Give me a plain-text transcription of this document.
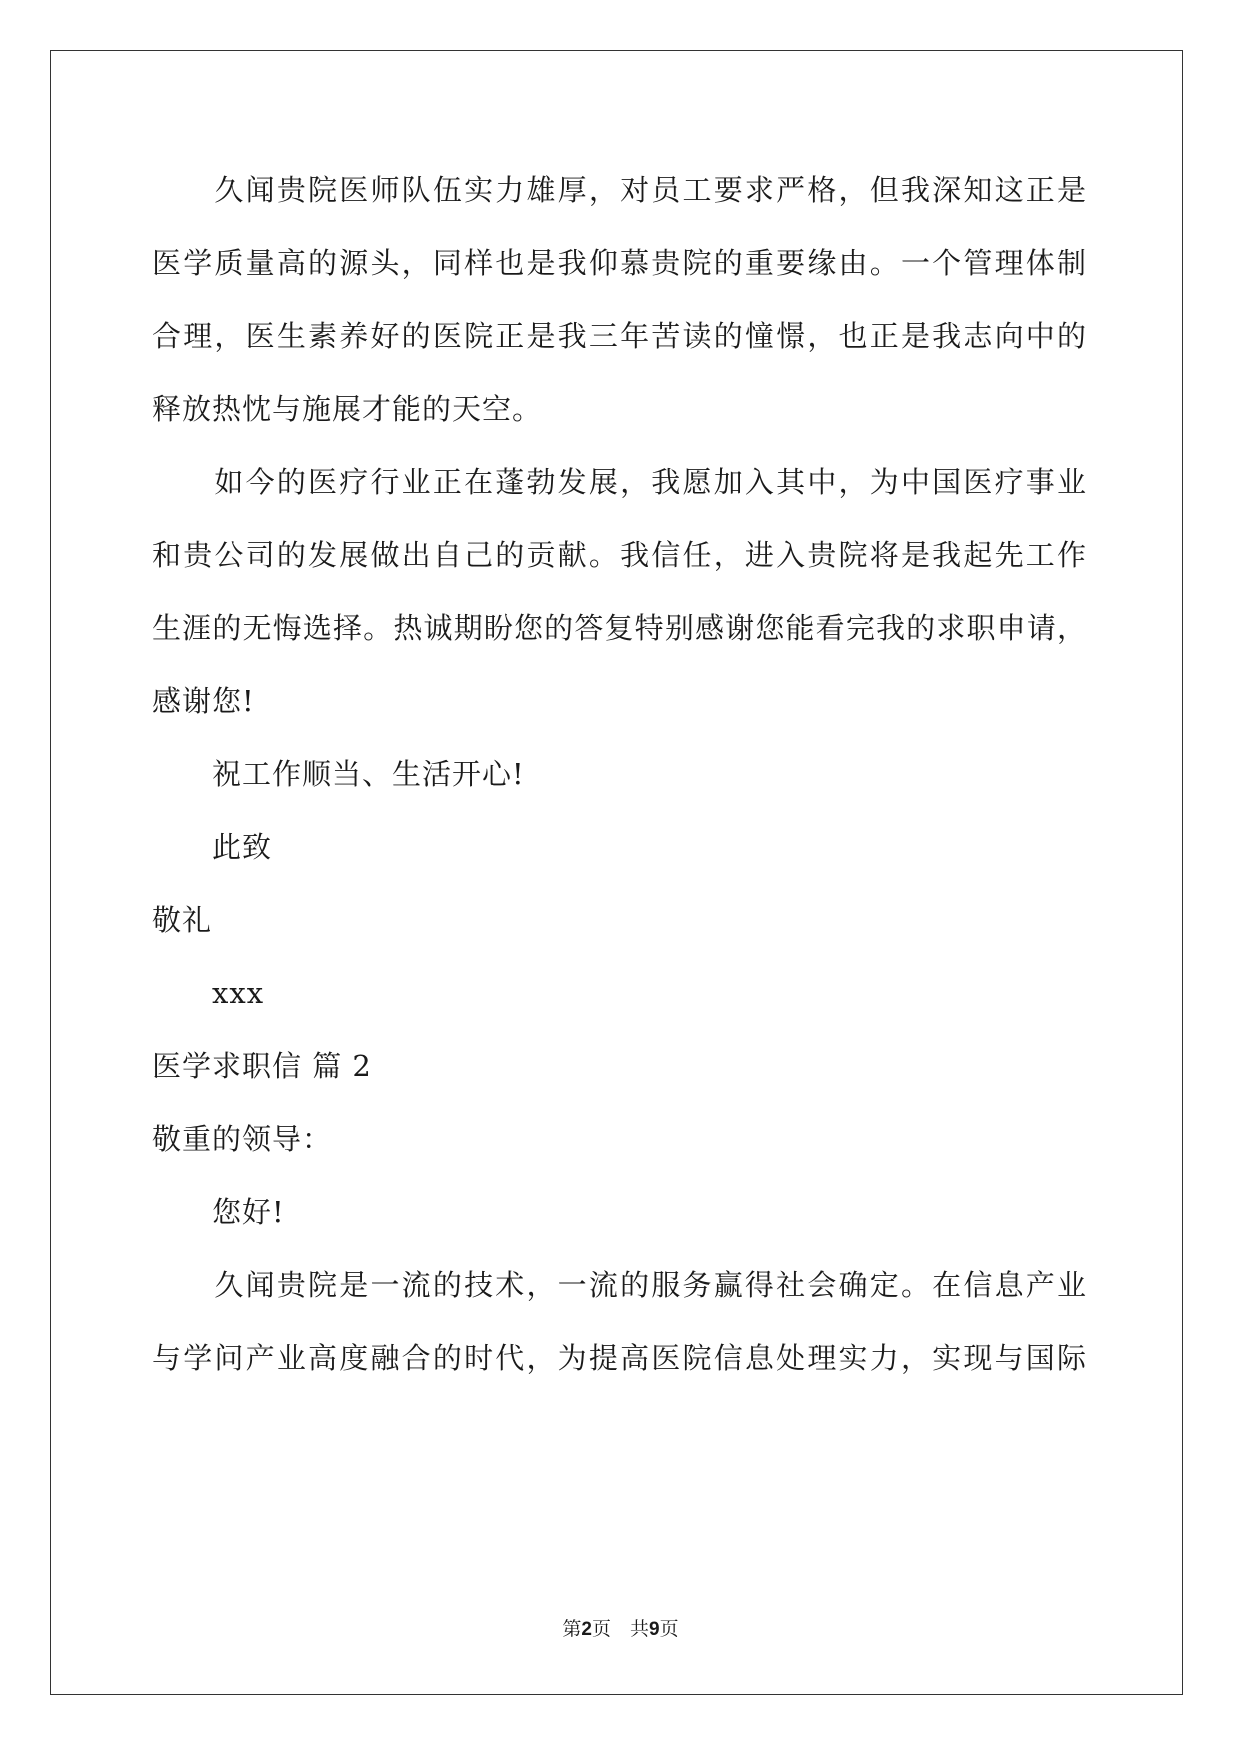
　　久闻贵院医师队伍实力雄厚，对员工要求严格，但我深知这正是
医学质量高的源头，同样也是我仰慕贵院的重要缘由。一个管理体制
合理，医生素养好的医院正是我三年苦读的憧憬，也正是我志向中的
释放热忱与施展才能的天空。
　　如今的医疗行业正在蓬勃发展，我愿加入其中，为中国医疗事业
和贵公司的发展做出自己的贡献。我信任，进入贵院将是我起先工作
生涯的无悔选择。热诚期盼您的答复特别感谢您能看完我的求职申请，
感谢您!
　　祝工作顺当、生活开心!
　　此致
敬礼
　　xxx
医学求职信 篇 2
敬重的领导：
　　您好!
　　久闻贵院是一流的技术，一流的服务赢得社会确定。在信息产业
与学问产业高度融合的时代，为提高医院信息处理实力，实现与国际
第2页　共9页
